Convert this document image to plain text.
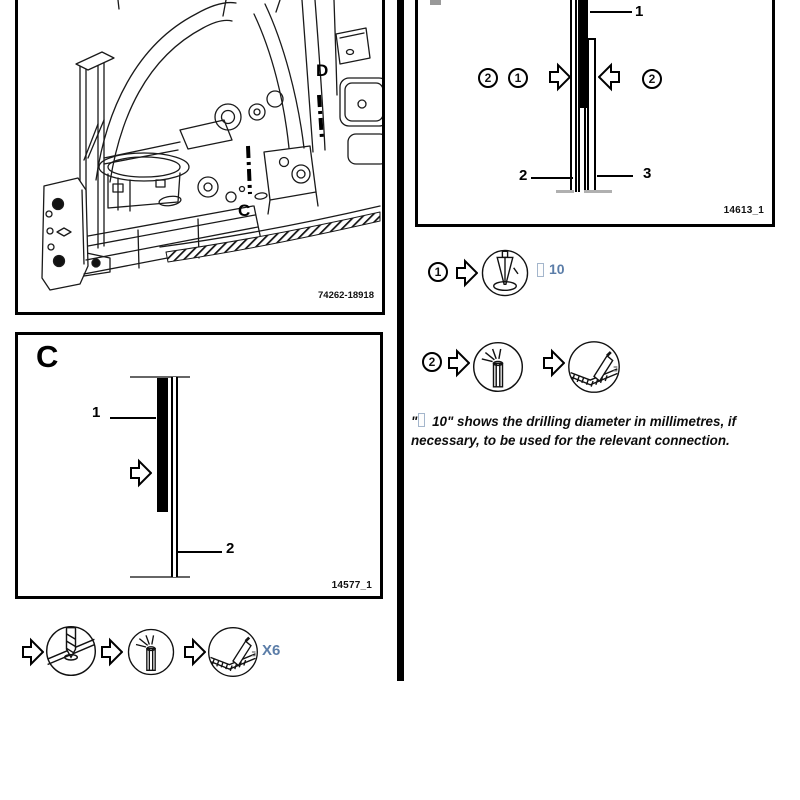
D
C
74262-18918
C
1
2
14577_1
X6
1
2	1	2
2	3
14613_1
1	10
2
" 10" shows the drilling diameter in millimetres, if
necessary, to be used for the relevant connection.
